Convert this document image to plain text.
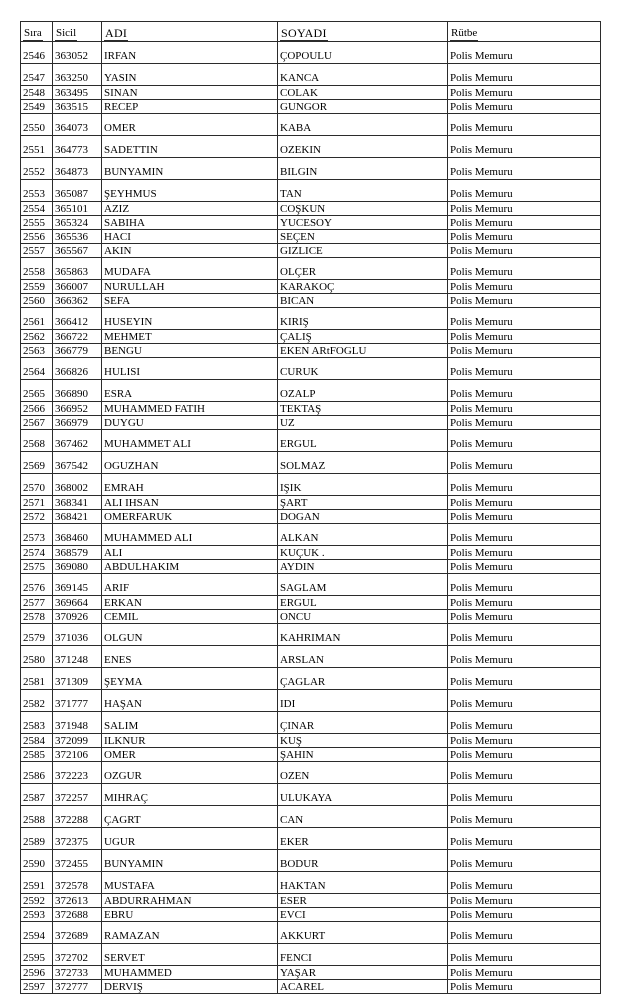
Sıra	Sicil	ADI	SOYADI	Rütbe
2546	363052	IRFAN	ÇOPOULU	Polis Memuru
2547	363250	YASIN	KANCA	Polis Memuru
2548	363495	SINAN	COLAK	Polis Memuru
2549	363515	RECEP	GUNGOR	Polis Memuru
2550	364073	OMER	KABA	Polis Memuru
2551	364773	SADETTIN	OZEKIN	Polis Memuru
2552	364873	BUNYAMIN	BILGIN	Polis Memuru
2553	365087	ŞEYHMUS	TAN	Polis Memuru
2554	365101	AZIZ	COŞKUN	Polis Memuru
2555	365324	SABIHA	YUCESOY	Polis Memuru
2556	365536	HACI	SEÇEN	Polis Memuru
2557	365567	AKIN	GIZLICE	Polis Memuru
2558	365863	MUDAFA	OLÇER	Polis Memuru
2559	366007	NURULLAH	KARAKOÇ	Polis Memuru
2560	366362	SEFA	BICAN	Polis Memuru
2561	366412	HUSEYIN	KIRIŞ	Polis Memuru
2562	366722	MEHMET	ÇALIŞ	Polis Memuru
2563	366779	BENGU	EKEN ARtFOGLU	Polis Memuru
2564	366826	HULISI	CURUK	Polis Memuru
2565	366890	ESRA	OZALP	Polis Memuru
2566	366952	MUHAMMED FATIH	TEKTAŞ	Polis Memuru
2567	366979	DUYGU	UZ	Polis Memuru
2568	367462	MUHAMMET ALI	ERGUL	Polis Memuru
2569	367542	OGUZHAN	SOLMAZ	Polis Memuru
2570	368002	EMRAH	IŞIK	Polis Memuru
2571	368341	ALI IHSAN	ŞART	Polis Memuru
2572	368421	OMERFARUK	DOGAN	Polis Memuru
2573	368460	MUHAMMED ALI	ALKAN	Polis Memuru
2574	368579	ALI	KUÇUK .	Polis Memuru
2575	369080	ABDULHAKIM	AYDIN	Polis Memuru
2576	369145	ARIF	SAGLAM	Polis Memuru
2577	369664	ERKAN	ERGUL	Polis Memuru
2578	370926	CEMIL	ONCU	Polis Memuru
2579	371036	OLGUN	KAHRIMAN	Polis Memuru
2580	371248	ENES	ARSLAN	Polis Memuru
2581	371309	ŞEYMA	ÇAGLAR	Polis Memuru
2582	371777	HAŞAN	IDI	Polis Memuru
2583	371948	SALIM	ÇINAR	Polis Memuru
2584	372099	ILKNUR	KUŞ	Polis Memuru
2585	372106	OMER	ŞAHIN	Polis Memuru
2586	372223	OZGUR	OZEN	Polis Memuru
2587	372257	MIHRAÇ	ULUKAYA	Polis Memuru
2588	372288	ÇAGRT	CAN	Polis Memuru
2589	372375	UGUR	EKER	Polis Memuru
2590	372455	BUNYAMIN	BODUR	Polis Memuru
2591	372578	MUSTAFA	HAKTAN	Polis Memuru
2592	372613	ABDURRAHMAN	ESER	Polis Memuru
2593	372688	EBRU	EVCI	Polis Memuru
2594	372689	RAMAZAN	AKKURT	Polis Memuru
2595	372702	SERVET	FENCI	Polis Memuru
2596	372733	MUHAMMED	YAŞAR	Polis Memuru
2597	372777	DERVIŞ	ACAREL	Polis Memuru
